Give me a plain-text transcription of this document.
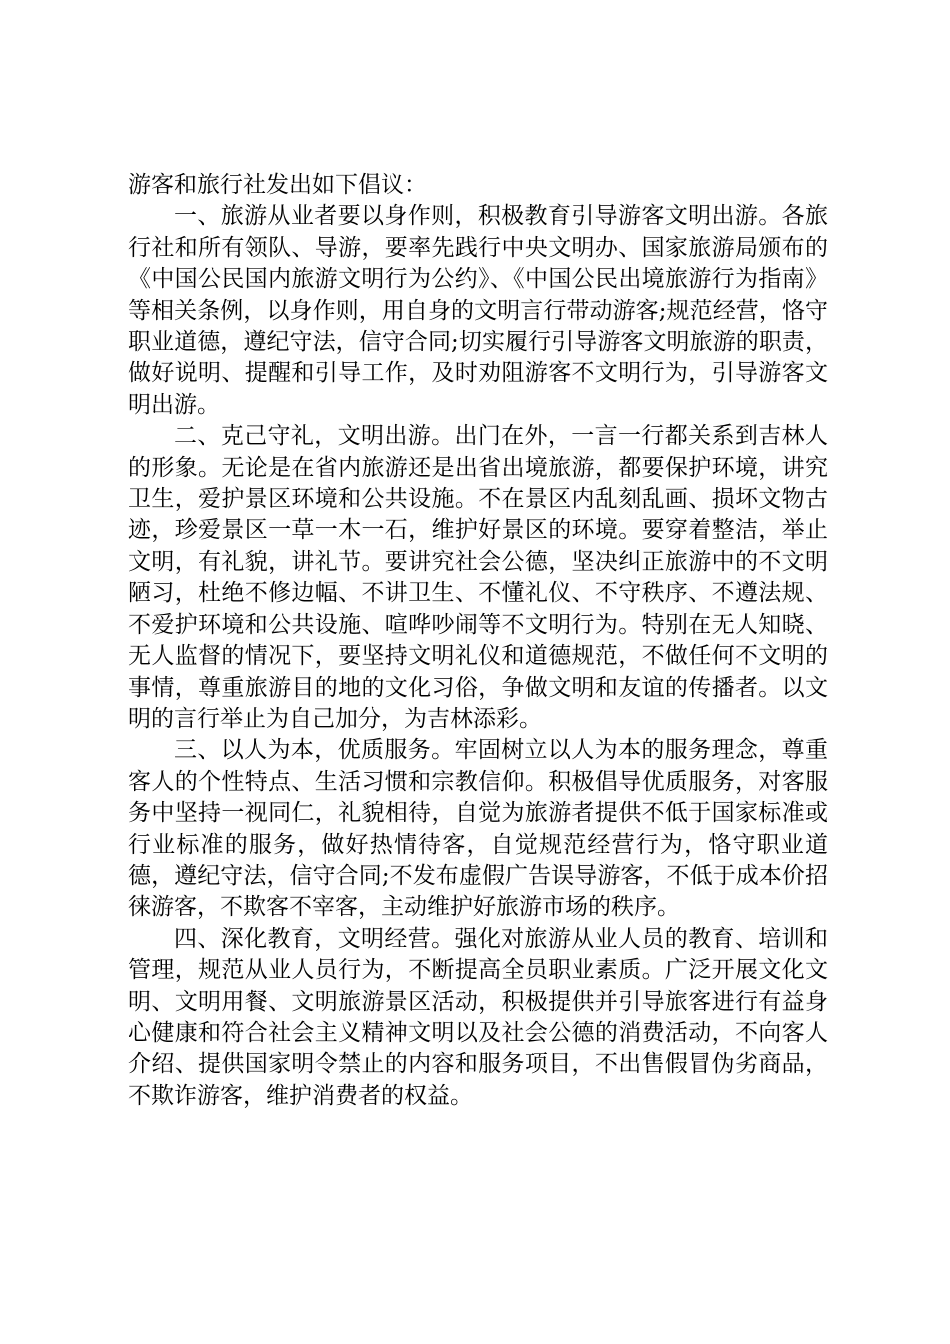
游客和旅行社发出如下倡议：

一、旅游从业者要以身作则，积极教育引导游客文明出游。各旅行社和所有领队、导游，要率先践行中央文明办、国家旅游局颁布的《中国公民国内旅游文明行为公约》、《中国公民出境旅游行为指南》等相关条例，以身作则，用自身的文明言行带动游客;规范经营，恪守职业道德，遵纪守法，信守合同;切实履行引导游客文明旅游的职责，做好说明、提醒和引导工作，及时劝阻游客不文明行为，引导游客文明出游。

二、克己守礼，文明出游。出门在外，一言一行都关系到吉林人的形象。无论是在省内旅游还是出省出境旅游，都要保护环境，讲究卫生，爱护景区环境和公共设施。不在景区内乱刻乱画、损坏文物古迹，珍爱景区一草一木一石，维护好景区的环境。要穿着整洁，举止文明，有礼貌，讲礼节。要讲究社会公德，坚决纠正旅游中的不文明陋习，杜绝不修边幅、不讲卫生、不懂礼仪、不守秩序、不遵法规、不爱护环境和公共设施、喧哗吵闹等不文明行为。特别在无人知晓、无人监督的情况下，要坚持文明礼仪和道德规范，不做任何不文明的事情，尊重旅游目的地的文化习俗，争做文明和友谊的传播者。以文明的言行举止为自己加分，为吉林添彩。

三、以人为本，优质服务。牢固树立以人为本的服务理念，尊重客人的个性特点、生活习惯和宗教信仰。积极倡导优质服务，对客服务中坚持一视同仁，礼貌相待，自觉为旅游者提供不低于国家标准或行业标准的服务，做好热情待客，自觉规范经营行为，恪守职业道德，遵纪守法，信守合同;不发布虚假广告误导游客，不低于成本价招徕游客，不欺客不宰客，主动维护好旅游市场的秩序。

四、深化教育，文明经营。强化对旅游从业人员的教育、培训和管理，规范从业人员行为，不断提高全员职业素质。广泛开展文化文明、文明用餐、文明旅游景区活动，积极提供并引导旅客进行有益身心健康和符合社会主义精神文明以及社会公德的消费活动，不向客人介绍、提供国家明令禁止的内容和服务项目，不出售假冒伪劣商品，不欺诈游客，维护消费者的权益。
